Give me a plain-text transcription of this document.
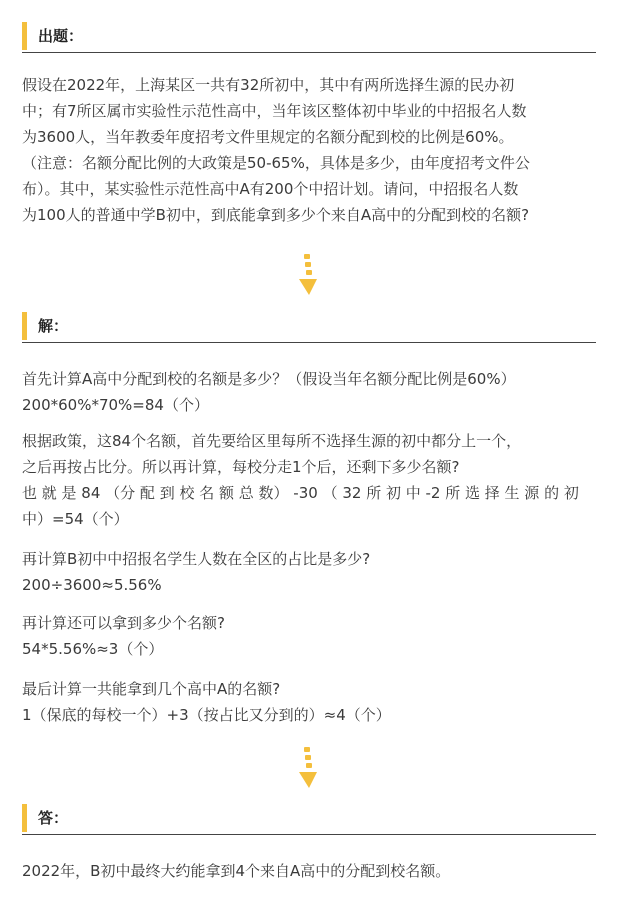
出题：

假设在2022年，上海某区一共有32所初中，其中有两所选择生源的民办初
中；有7所区属市实验性示范性高中，当年该区整体初中毕业的中招报名人数
为3600人，当年教委年度招考文件里规定的名额分配到校的比例是60%。
（注意：名额分配比例的大政策是50-65%，具体是多少，由年度招考文件公
布）。其中，某实验性示范性高中A有200个中招计划。请问，中招报名人数
为100人的普通中学B初中，到底能拿到多少个来自A高中的分配到校的名额?

解：

首先计算A高中分配到校的名额是多少？（假设当年名额分配比例是60%）
200*60%*70%=84（个）

根据政策，这84个名额，首先要给区里每所不选择生源的初中都分上一个，
之后再按占比分。所以再计算，每校分走1个后，还剩下多少名额?
也 就 是 84 （分 配 到 校 名 额 总 数） -30 （ 32 所 初 中 -2 所 选 择 生 源 的 初
中）=54（个）

再计算B初中中招报名学生人数在全区的占比是多少?
200÷3600≈5.56%

再计算还可以拿到多少个名额?
54*5.56%≈3（个）

最后计算一共能拿到几个高中A的名额?
1（保底的每校一个）+3（按占比又分到的）≈4（个）

答：

2022年，B初中最终大约能拿到4个来自A高中的分配到校名额。
